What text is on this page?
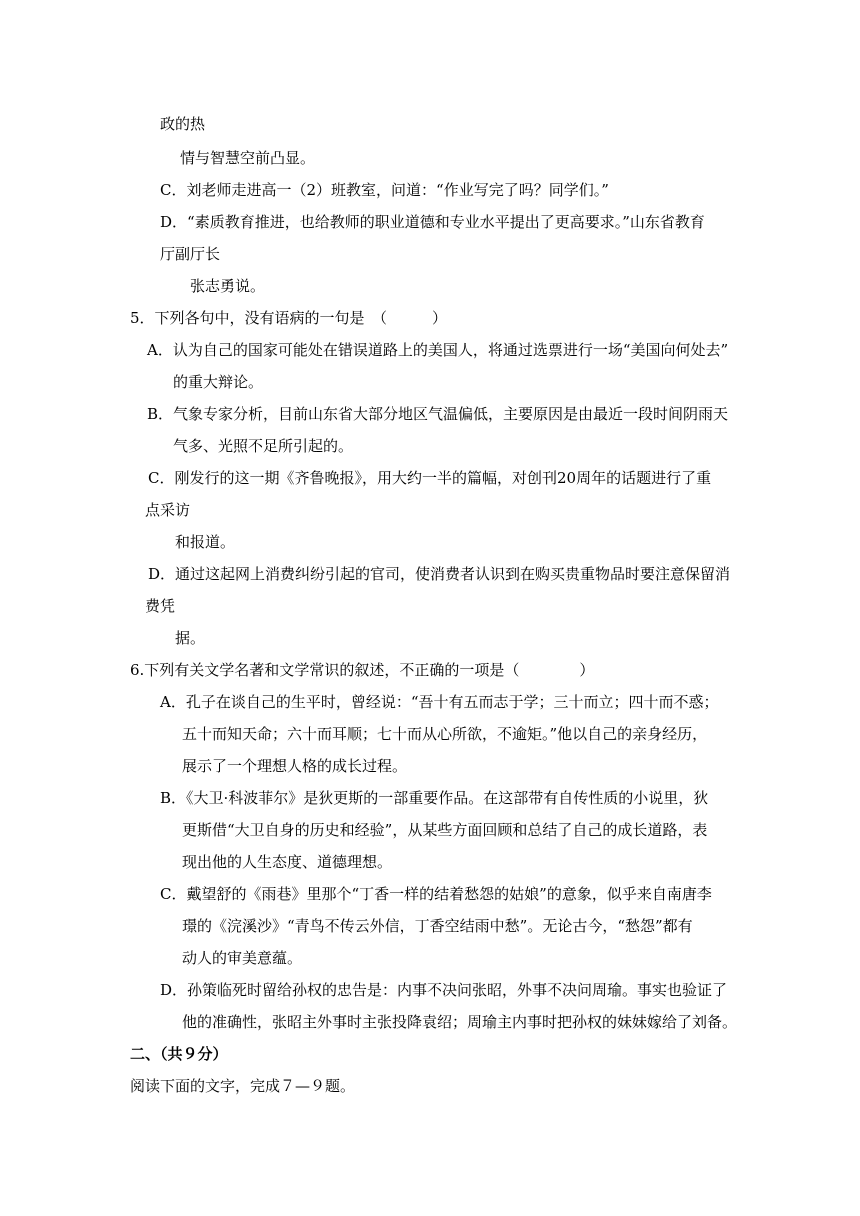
政的热
情与智慧空前凸显。
C．刘老师走进高一（2）班教室，问道：“作业写完了吗？同学们。”
D．“素质教育推进，也给教师的职业道德和专业水平提出了更高要求。”山东省教育
厅副厅长
张志勇说。
5．下列各句中，没有语病的一句是　（　　　）
A．认为自己的国家可能处在错误道路上的美国人，将通过选票进行一场“美国向何处去”
的重大辩论。
B．气象专家分析，目前山东省大部分地区气温偏低，主要原因是由最近一段时间阴雨天
气多、光照不足所引起的。
C．刚发行的这一期《齐鲁晚报》，用大约一半的篇幅，对创刊20周年的话题进行了重
点采访
和报道。
D．通过这起网上消费纠纷引起的官司，使消费者认识到在购买贵重物品时要注意保留消
费凭
据。
6.下列有关文学名著和文学常识的叙述，不正确的一项是（　　　　）
A．孔子在谈自己的生平时，曾经说：“吾十有五而志于学；三十而立；四十而不惑；
五十而知天命；六十而耳顺；七十而从心所欲，不逾矩。”他以自己的亲身经历，
展示了一个理想人格的成长过程。
B．《大卫·科波菲尔》是狄更斯的一部重要作品。在这部带有自传性质的小说里，狄
更斯借“大卫自身的历史和经验”，从某些方面回顾和总结了自己的成长道路，表
现出他的人生态度、道德理想。
C．戴望舒的《雨巷》里那个“丁香一样的结着愁怨的姑娘”的意象，似乎来自南唐李
璟的《浣溪沙》“青鸟不传云外信，丁香空结雨中愁”。无论古今，“愁怨”都有
动人的审美意蕴。
D．孙策临死时留给孙权的忠告是：内事不决问张昭，外事不决问周瑜。事实也验证了
他的准确性，张昭主外事时主张投降袁绍；周瑜主内事时把孙权的妹妹嫁给了刘备。
二、（共９分）
阅读下面的文字，完成７—９题。
